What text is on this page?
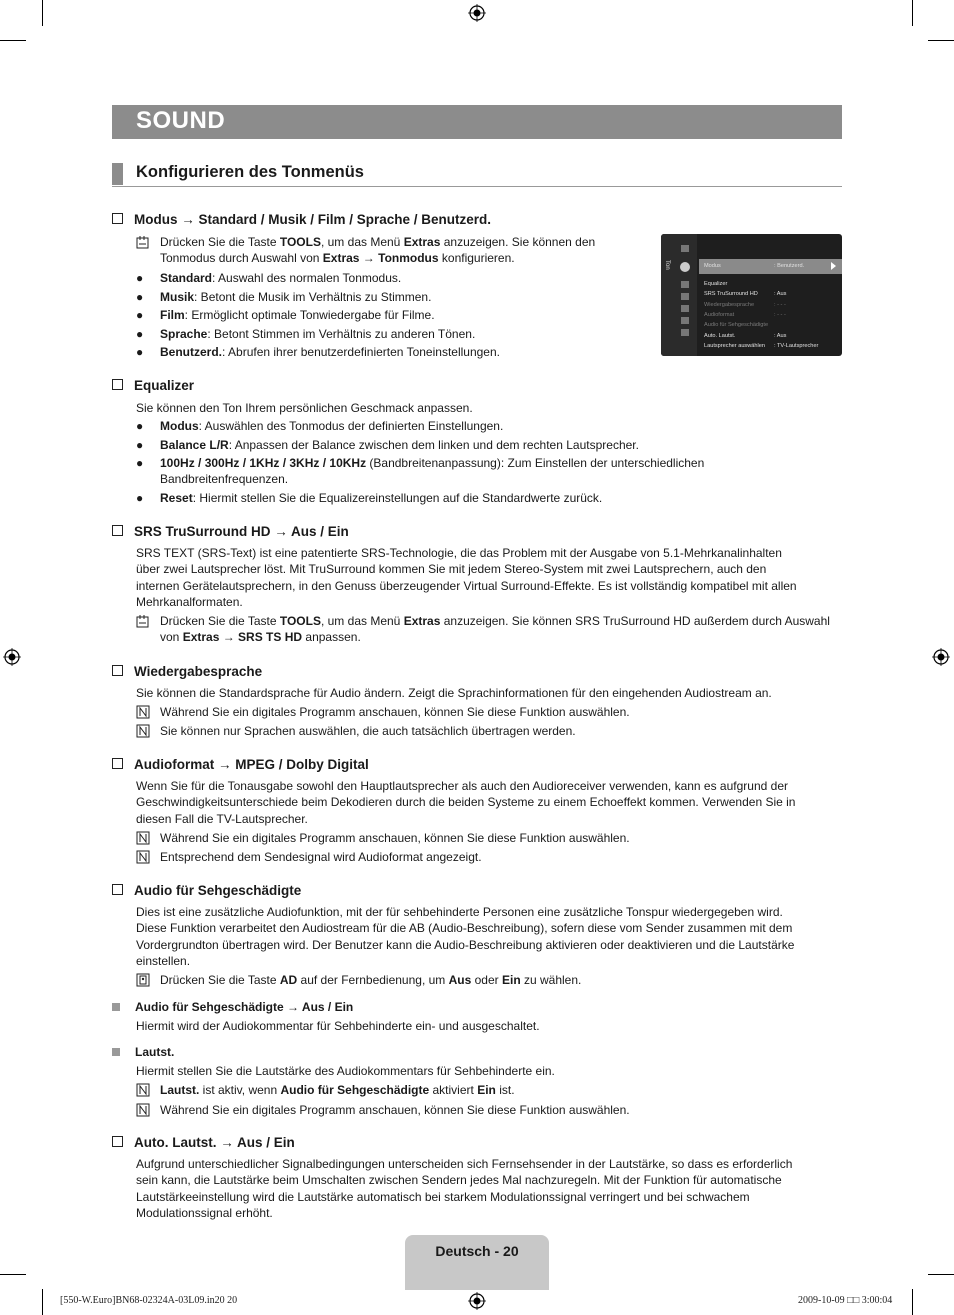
SOUND
Konfigurieren des Tonmenüs
Modus → Standard / Musik / Film / Sprache / Benutzerd.
Drücken Sie die Taste TOOLS, um das Menü Extras anzuzeigen. Sie können den
Tonmodus durch Auswahl von Extras → Tonmodus konfigurieren.
● Standard: Auswahl des normalen Tonmodus.
● Musik: Betont die Musik im Verhältnis zu Stimmen.
● Film: Ermöglicht optimale Tonwiedergabe für Filme.
● Sprache: Betont Stimmen im Verhältnis zu anderen Tönen.
● Benutzerd.: Abrufen ihrer benutzerdefinierten Toneinstellungen.
Ton	Modus	: Benutzerd.
Equalizer
SRS TruSurround HD	: Aus
Wiedergabesprache	: - - -
Audioformat	: - - -
Audio für Sehgeschädigte
Auto. Lautst.	: Aus
Lautsprecher auswählen : TV-Lautsprecher
Equalizer
Sie können den Ton Ihrem persönlichen Geschmack anpassen.
● Modus: Auswählen des Tonmodus der definierten Einstellungen.
● Balance L/R: Anpassen der Balance zwischen dem linken und dem rechten Lautsprecher.
● 100Hz / 300Hz / 1KHz / 3KHz / 10KHz (Bandbreitenanpassung): Zum Einstellen der unterschiedlichen
Bandbreitenfrequenzen.
● Reset: Hiermit stellen Sie die Equalizereinstellungen auf die Standardwerte zurück.
SRS TruSurround HD → Aus / Ein
SRS TEXT (SRS-Text) ist eine patentierte SRS-Technologie, die das Problem mit der Ausgabe von 5.1-Mehrkanalinhalten
über zwei Lautsprecher löst. Mit TruSurround kommen Sie mit jedem Stereo-System mit zwei Lautsprechern, auch den
internen Gerätelautsprechern, in den Genuss überzeugender Virtual Surround-Effekte. Es ist vollständig kompatibel mit allen
Mehrkanalformaten.
Drücken Sie die Taste TOOLS, um das Menü Extras anzuzeigen. Sie können SRS TruSurround HD außerdem durch Auswahl
von Extras → SRS TS HD anpassen.
Wiedergabesprache
Sie können die Standardsprache für Audio ändern. Zeigt die Sprachinformationen für den eingehenden Audiostream an.
Während Sie ein digitales Programm anschauen, können Sie diese Funktion auswählen.
Sie können nur Sprachen auswählen, die auch tatsächlich übertragen werden.
Audioformat → MPEG / Dolby Digital
Wenn Sie für die Tonausgabe sowohl den Hauptlautsprecher als auch den Audioreceiver verwenden, kann es aufgrund der
Geschwindigkeitsunterschiede beim Dekodieren durch die beiden Systeme zu einem Echoeffekt kommen. Verwenden Sie in
diesen Fall die TV-Lautsprecher.
Während Sie ein digitales Programm anschauen, können Sie diese Funktion auswählen.
Entsprechend dem Sendesignal wird Audioformat angezeigt.
Audio für Sehgeschädigte
Dies ist eine zusätzliche Audiofunktion, mit der für sehbehinderte Personen eine zusätzliche Tonspur wiedergegeben wird.
Diese Funktion verarbeitet den Audiostream für die AB (Audio-Beschreibung), sofern diese vom Sender zusammen mit dem
Vordergrundton übertragen wird. Der Benutzer kann die Audio-Beschreibung aktivieren oder deaktivieren und die Lautstärke
einstellen.
Drücken Sie die Taste AD auf der Fernbedienung, um Aus oder Ein zu wählen.
Audio für Sehgeschädigte → Aus / Ein
Hiermit wird der Audiokommentar für Sehbehinderte ein- und ausgeschaltet.
Lautst.
Hiermit stellen Sie die Lautstärke des Audiokommentars für Sehbehinderte ein.
Lautst. ist aktiv, wenn Audio für Sehgeschädigte aktiviert Ein ist.
Während Sie ein digitales Programm anschauen, können Sie diese Funktion auswählen.
Auto. Lautst. → Aus / Ein
Aufgrund unterschiedlicher Signalbedingungen unterscheiden sich Fernsehsender in der Lautstärke, so dass es erforderlich
sein kann, die Lautstärke beim Umschalten zwischen Sendern jedes Mal nachzuregeln. Mit der Funktion für automatische
Lautstärkeeinstellung wird die Lautstärke automatisch bei starkem Modulationssignal verringert und bei schwachem
Modulationssignal erhöht.
Deutsch - 20
[550-W.Euro]BN68-02324A-03L09.in20 20	2009-10-09 □□ 3:00:04
